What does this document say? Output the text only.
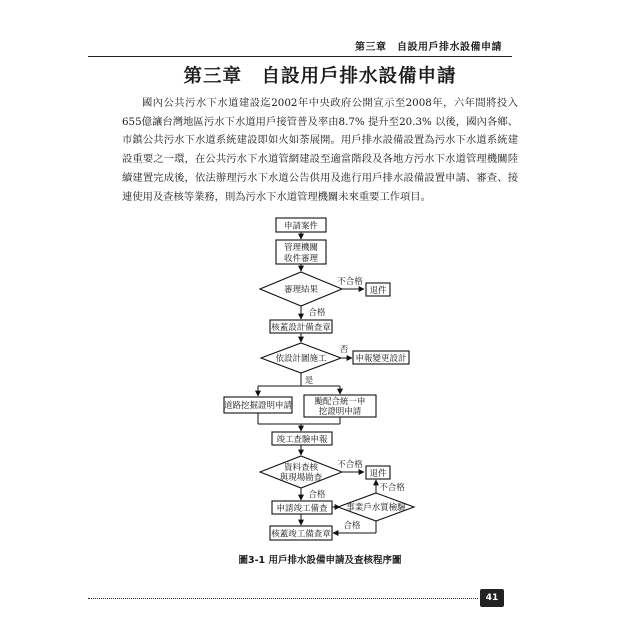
第三章　自設用戶排水設備申請
第三章　自設用戶排水設備申請

國內公共污水下水道建設迄2002年中央政府公開宣示至2008年，六年間將投入655億讓台灣地區污水下水道用戶接管普及率由8.7% 提升至20.3% 以後，國內各鄉、市鎮公共污水下水道系統建設即如火如荼展開。用戶排水設備設置為污水下水道系統建設重要之一環，在公共污水下水道管網建設至適當階段及各地方污水下水道管理機關陸續建置完成後，依法辦理污水下水道公告供用及進行用戶排水設備設置申請、審查、接連使用及查核等業務，則為污水下水道管理機關未來重要工作項目。

申請案件
管理機關
收件審理
審理結果
不合格
退件
合格
核蓋設計備查章
依設計圖施工
否
申報變更設計
是
道路挖掘證明申請	颱配合統一申
挖證明申請
竣工查驗申報
資料查核
與現場勘查
不合格
退件
合格
申請竣工備查 事業戶水質檢驗
不合格
合格
核蓋竣工備查章
圖3-1 用戶排水設備申請及查核程序圖
41
